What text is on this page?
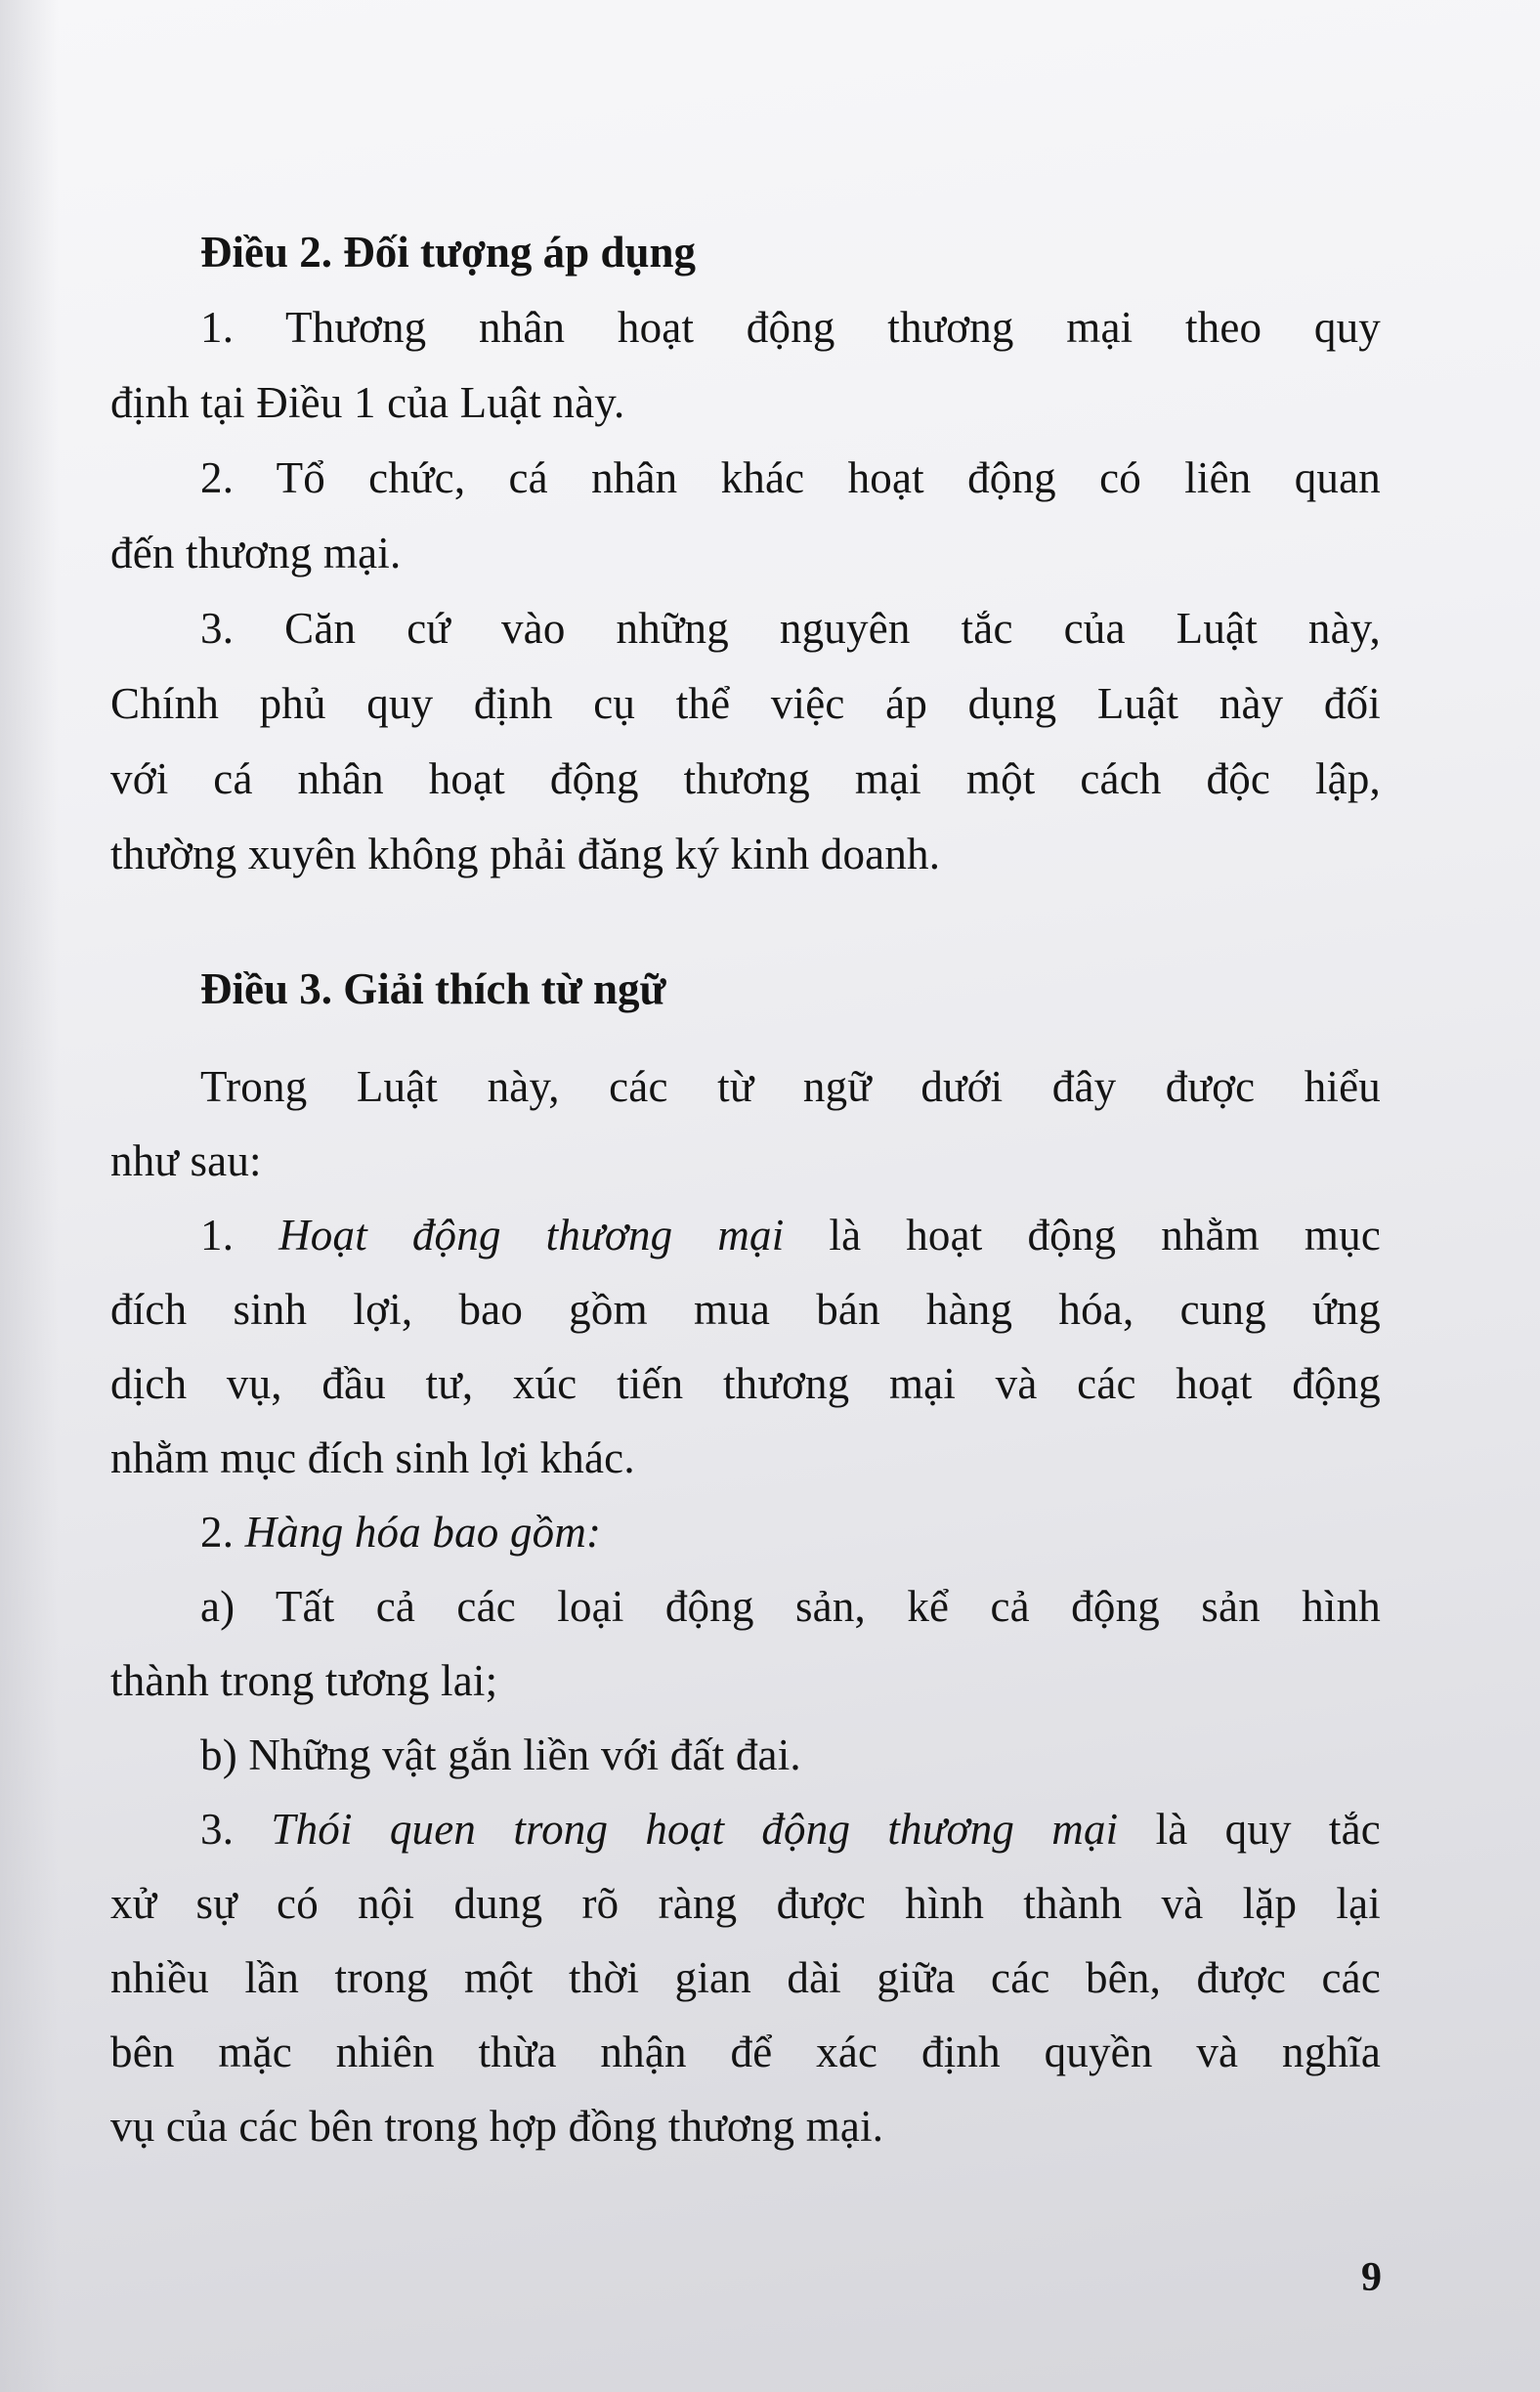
Điều 2. Đối tượng áp dụng
1. Thương nhân hoạt động thương mại theo quy
định tại Điều 1 của Luật này.
2. Tổ chức, cá nhân khác hoạt động có liên quan
đến thương mại.
3. Căn cứ vào những nguyên tắc của Luật này,
Chính phủ quy định cụ thể việc áp dụng Luật này đối
với cá nhân hoạt động thương mại một cách độc lập,
thường xuyên không phải đăng ký kinh doanh.
Điều 3. Giải thích từ ngữ
Trong Luật này, các từ ngữ dưới đây được hiểu
như sau:
1. Hoạt động thương mại là hoạt động nhằm mục
đích sinh lợi, bao gồm mua bán hàng hóa, cung ứng
dịch vụ, đầu tư, xúc tiến thương mại và các hoạt động
nhằm mục đích sinh lợi khác.
2. Hàng hóa bao gồm:
a) Tất cả các loại động sản, kể cả động sản hình
thành trong tương lai;
b) Những vật gắn liền với đất đai.
3. Thói quen trong hoạt động thương mại là quy tắc
xử sự có nội dung rõ ràng được hình thành và lặp lại
nhiều lần trong một thời gian dài giữa các bên, được các
bên mặc nhiên thừa nhận để xác định quyền và nghĩa
vụ của các bên trong hợp đồng thương mại.
9
